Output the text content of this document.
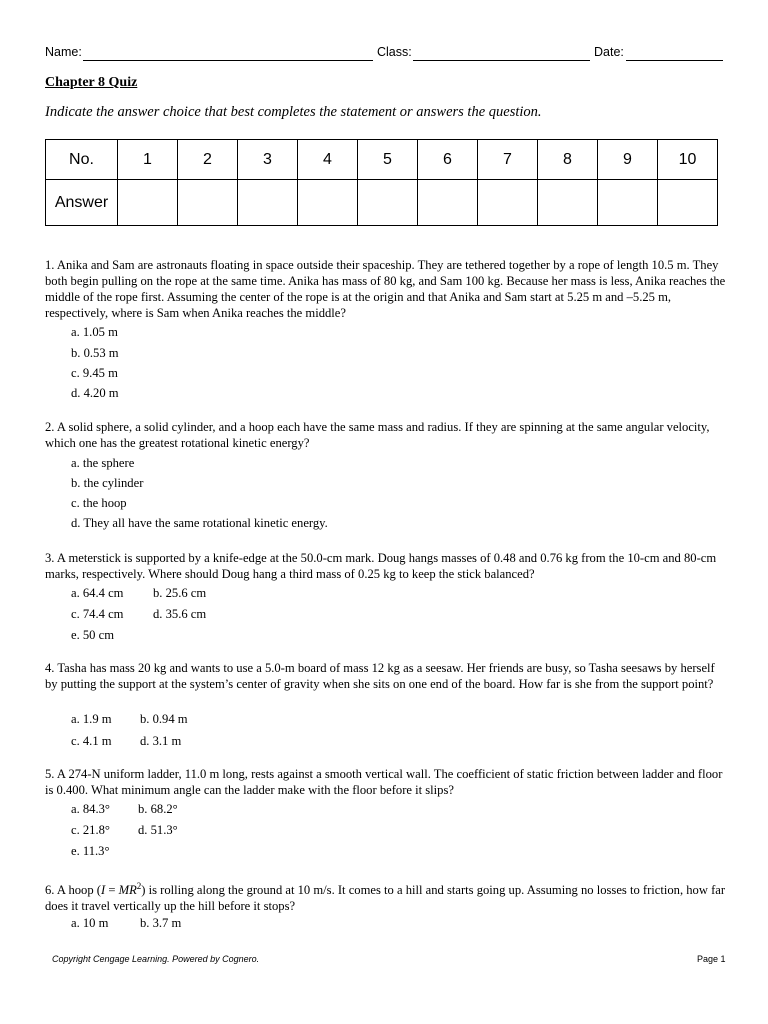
Name:	Class:	Date:
Chapter 8 Quiz
Indicate the answer choice that best completes the statement or answers the question.
No.	1	2	3	4	5	6	7	8	9	10
Answer										

1. Anika and Sam are astronauts floating in space outside their spaceship. They are tethered together by a rope of length 10.5 m. They both begin pulling on the rope at the same time. Anika has mass of 80 kg, and Sam 100 kg. Because her mass is less, Anika reaches the middle of the rope first. Assuming the center of the rope is at the origin and that Anika and Sam start at 5.25 m and –5.25 m, respectively, where is Sam when Anika reaches the middle?

a. 1.05 m
b. 0.53 m
c. 9.45 m
d. 4.20 m

2. A solid sphere, a solid cylinder, and a hoop each have the same mass and radius. If they are spinning at the same angular velocity, which one has the greatest rotational kinetic energy?

a. the sphere
b. the cylinder
c. the hoop
d. They all have the same rotational kinetic energy.

3. A meterstick is supported by a knife-edge at the 50.0-cm mark. Doug hangs masses of 0.48 and 0.76 kg from the 10-cm and 80-cm marks, respectively. Where should Doug hang a third mass of 0.25 kg to keep the stick balanced?

a. 64.4 cm b. 25.6 cm
c. 74.4 cm d. 35.6 cm
e. 50 cm

4. Tasha has mass 20 kg and wants to use a 5.0-m board of mass 12 kg as a seesaw. Her friends are busy, so Tasha seesaws by herself by putting the support at the system’s center of gravity when she sits on one end of the board. How far is she from the support point?

a. 1.9 m b. 0.94 m
c. 4.1 m d. 3.1 m

5. A 274-N uniform ladder, 11.0 m long, rests against a smooth vertical wall. The coefficient of static friction between ladder and floor is 0.400. What minimum angle can the ladder make with the floor before it slips?

a. 84.3° b. 68.2°
c. 21.8° d. 51.3°
e. 11.3°

6. A hoop $(I = MR^2)$ is rolling along the ground at 10 m/s. It comes to a hill and starts going up. Assuming no losses to friction, how far does it travel vertically up the hill before it stops?

a. 10 m	b. 3.7 m
Copyright Cengage Learning. Powered by Cognero.	Page 1
